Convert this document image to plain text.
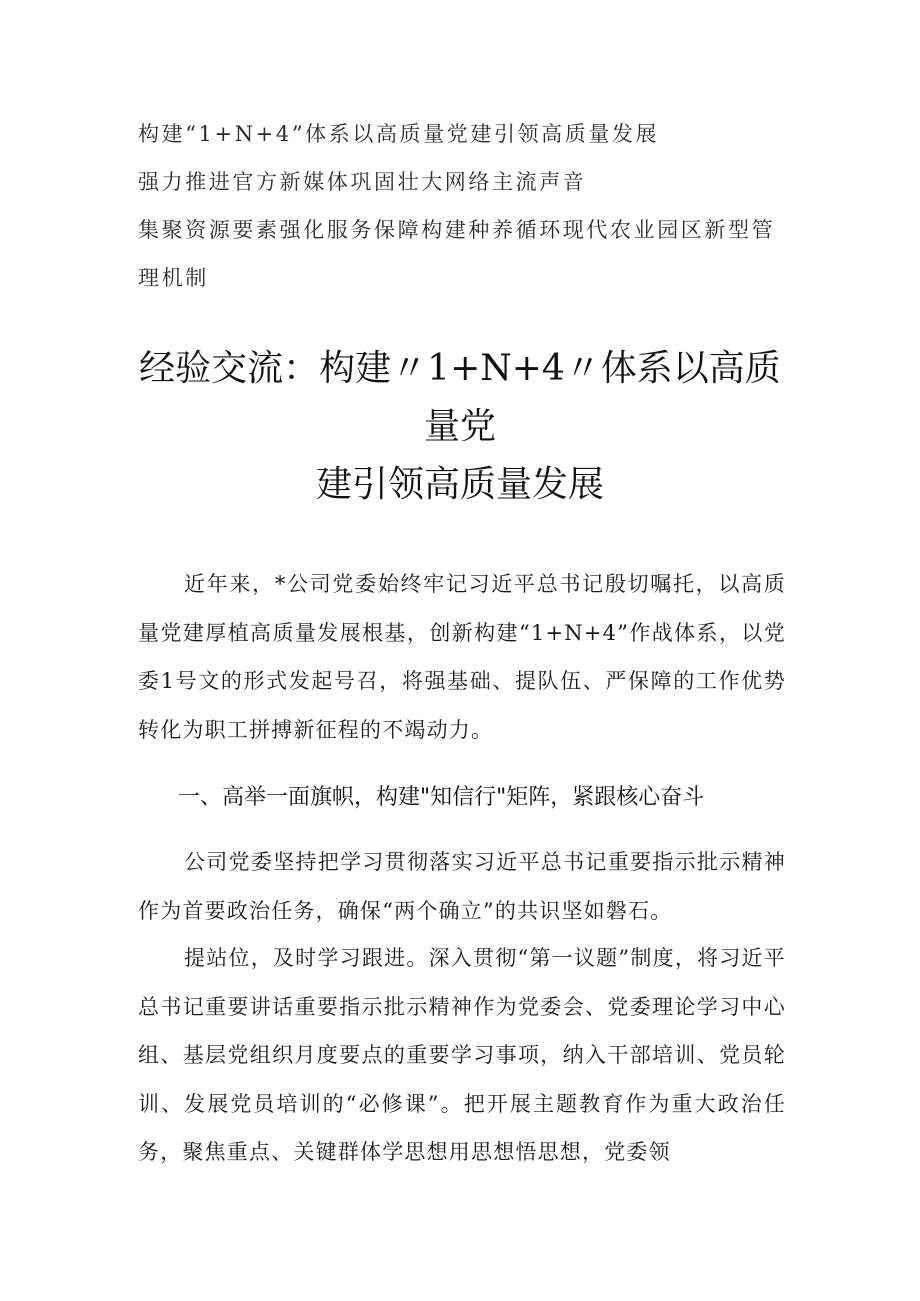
构建“1+N+4”体系以高质量党建引领高质量发展
强力推进官方新媒体巩固壮大网络主流声音
集聚资源要素强化服务保障构建种养循环现代农业园区新型管理机制
经验交流：构建〃1+N+4〃体系以高质
量党
建引领高质量发展

近年来，*公司党委始终牢记习近平总书记殷切嘱托，以高质量党建厚植高质量发展根基，创新构建“1+N+4”作战体系，以党委1号文的形式发起号召，将强基础、提队伍、严保障的工作优势转化为职工拼搏新征程的不竭动力。

一、高举一面旗帜，构建"知信行"矩阵，紧跟核心奋斗

公司党委坚持把学习贯彻落实习近平总书记重要指示批示精神作为首要政治任务，确保“两个确立”的共识坚如磐石。

提站位，及时学习跟进。深入贯彻“第一议题”制度，将习近平总书记重要讲话重要指示批示精神作为党委会、党委理论学习中心组、基层党组织月度要点的重要学习事项，纳入干部培训、党员轮训、发展党员培训的“必修课”。把开展主题教育作为重大政治任务，聚焦重点、关键群体学思想用思想悟思想，党委领
